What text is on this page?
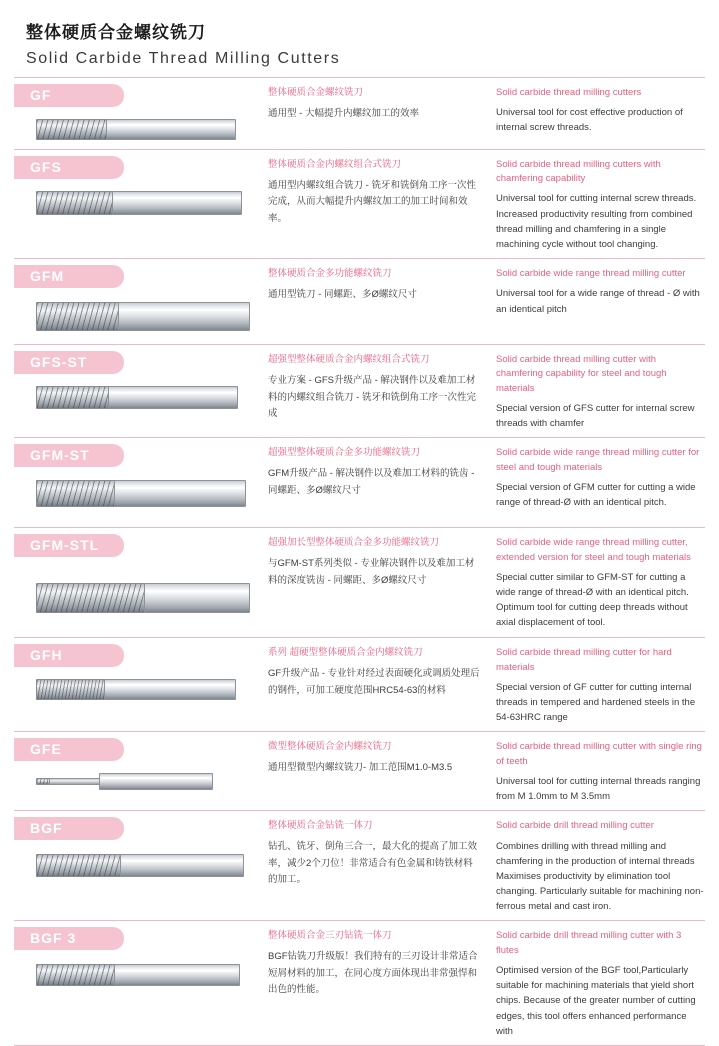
整体硬质合金螺纹铣刀
Solid Carbide Thread Milling Cutters
GF	整体硬质合金螺纹铣刀
通用型 - 大幅提升内螺纹加工的效率
Solid carbide thread milling cutters
Universal tool for cost effective production of internal screw threads.
GFS	整体硬质合金内螺纹组合式铣刀
通用型内螺纹组合铣刀 - 铣牙和铣倒角工序一次性完成，从而大幅提升内螺纹加工的加工时间和效率。
Solid carbide thread milling cutters with chamfering capability
Universal tool for cutting internal screw threads. Increased productivity resulting from combined thread milling and chamfering in a single machining cycle without tool changing.
GFM	整体硬质合金多功能螺纹铣刀
通用型铣刀 - 同螺距、多Ø螺纹尺寸
Solid carbide wide range thread milling cutter
Universal tool for a wide range of thread - Ø with an identical pitch
GFS-ST	超强型整体硬质合金内螺纹组合式铣刀
专业方案 - GFS升级产品 - 解决钢件以及难加工材料的内螺纹组合铣刀 - 铣牙和铣倒角工序一次性完成
Solid carbide thread milling cutter with chamfering capability for steel and tough materials
Special version of GFS cutter for internal screw threads with chamfer
GFM-ST	超强型整体硬质合金多功能螺纹铣刀
GFM升级产品 - 解决钢件以及难加工材料的铣齿 - 同螺距、多Ø螺纹尺寸
Solid carbide wide range thread milling cutter for steel and tough materials
Special version of GFM cutter for cutting a wide range of thread-Ø with an identical pitch.
GFM-STL	超强加长型整体硬质合金多功能螺纹铣刀
与GFM-ST系列类似 - 专业解决钢件以及难加工材料的深度铣齿 - 同螺距、多Ø螺纹尺寸
Solid carbide wide range thread milling cutter, extended version for steel and tough materials
Special cutter similar to GFM-ST for cutting a wide range of thread-Ø with an identical pitch. Optimum tool for cutting deep threads without axial displacement of tool.
GFH	系列 超硬型整体硬质合金内螺纹铣刀
GF升级产品 - 专业针对经过表面硬化或调质处理后的钢件，可加工硬度范围HRC54-63的材料
Solid carbide thread milling cutter for hard materials
Special version of GF cutter for cutting internal threads in tempered and hardened steels in the 54-63HRC range
GFE	微型整体硬质合金内螺纹铣刀
通用型微型内螺纹铣刀- 加工范围M1.0-M3.5
Solid carbide thread milling cutter with single ring of teeth
Universal tool for cutting internal threads ranging from M 1.0mm to M 3.5mm
BGF	整体硬质合金钻铣一体刀
钻孔、铣牙、倒角三合一，最大化的提高了加工效率，减少2个刀位！非常适合有色金属和铸铁材料的加工。
Solid carbide drill thread milling cutter
Combines drilling with thread milling and chamfering in the production of internal threads Maximises productivity by elimination tool changing. Particularly suitable for machining non-ferrous metal and cast iron.
BGF 3	整体硬质合金三刃钻铣一体刀
BGF钻铣刀升级版！我们特有的三刃设计非常适合短屑材料的加工，在同心度方面体现出非常强悍和出色的性能。
Solid carbide drill thread milling cutter with 3 flutes
Optimised version of the BGF tool,Particularly suitable for machining materials that yield short chips. Because of the greater number of cutting edges, this tool offers enhanced performance with
